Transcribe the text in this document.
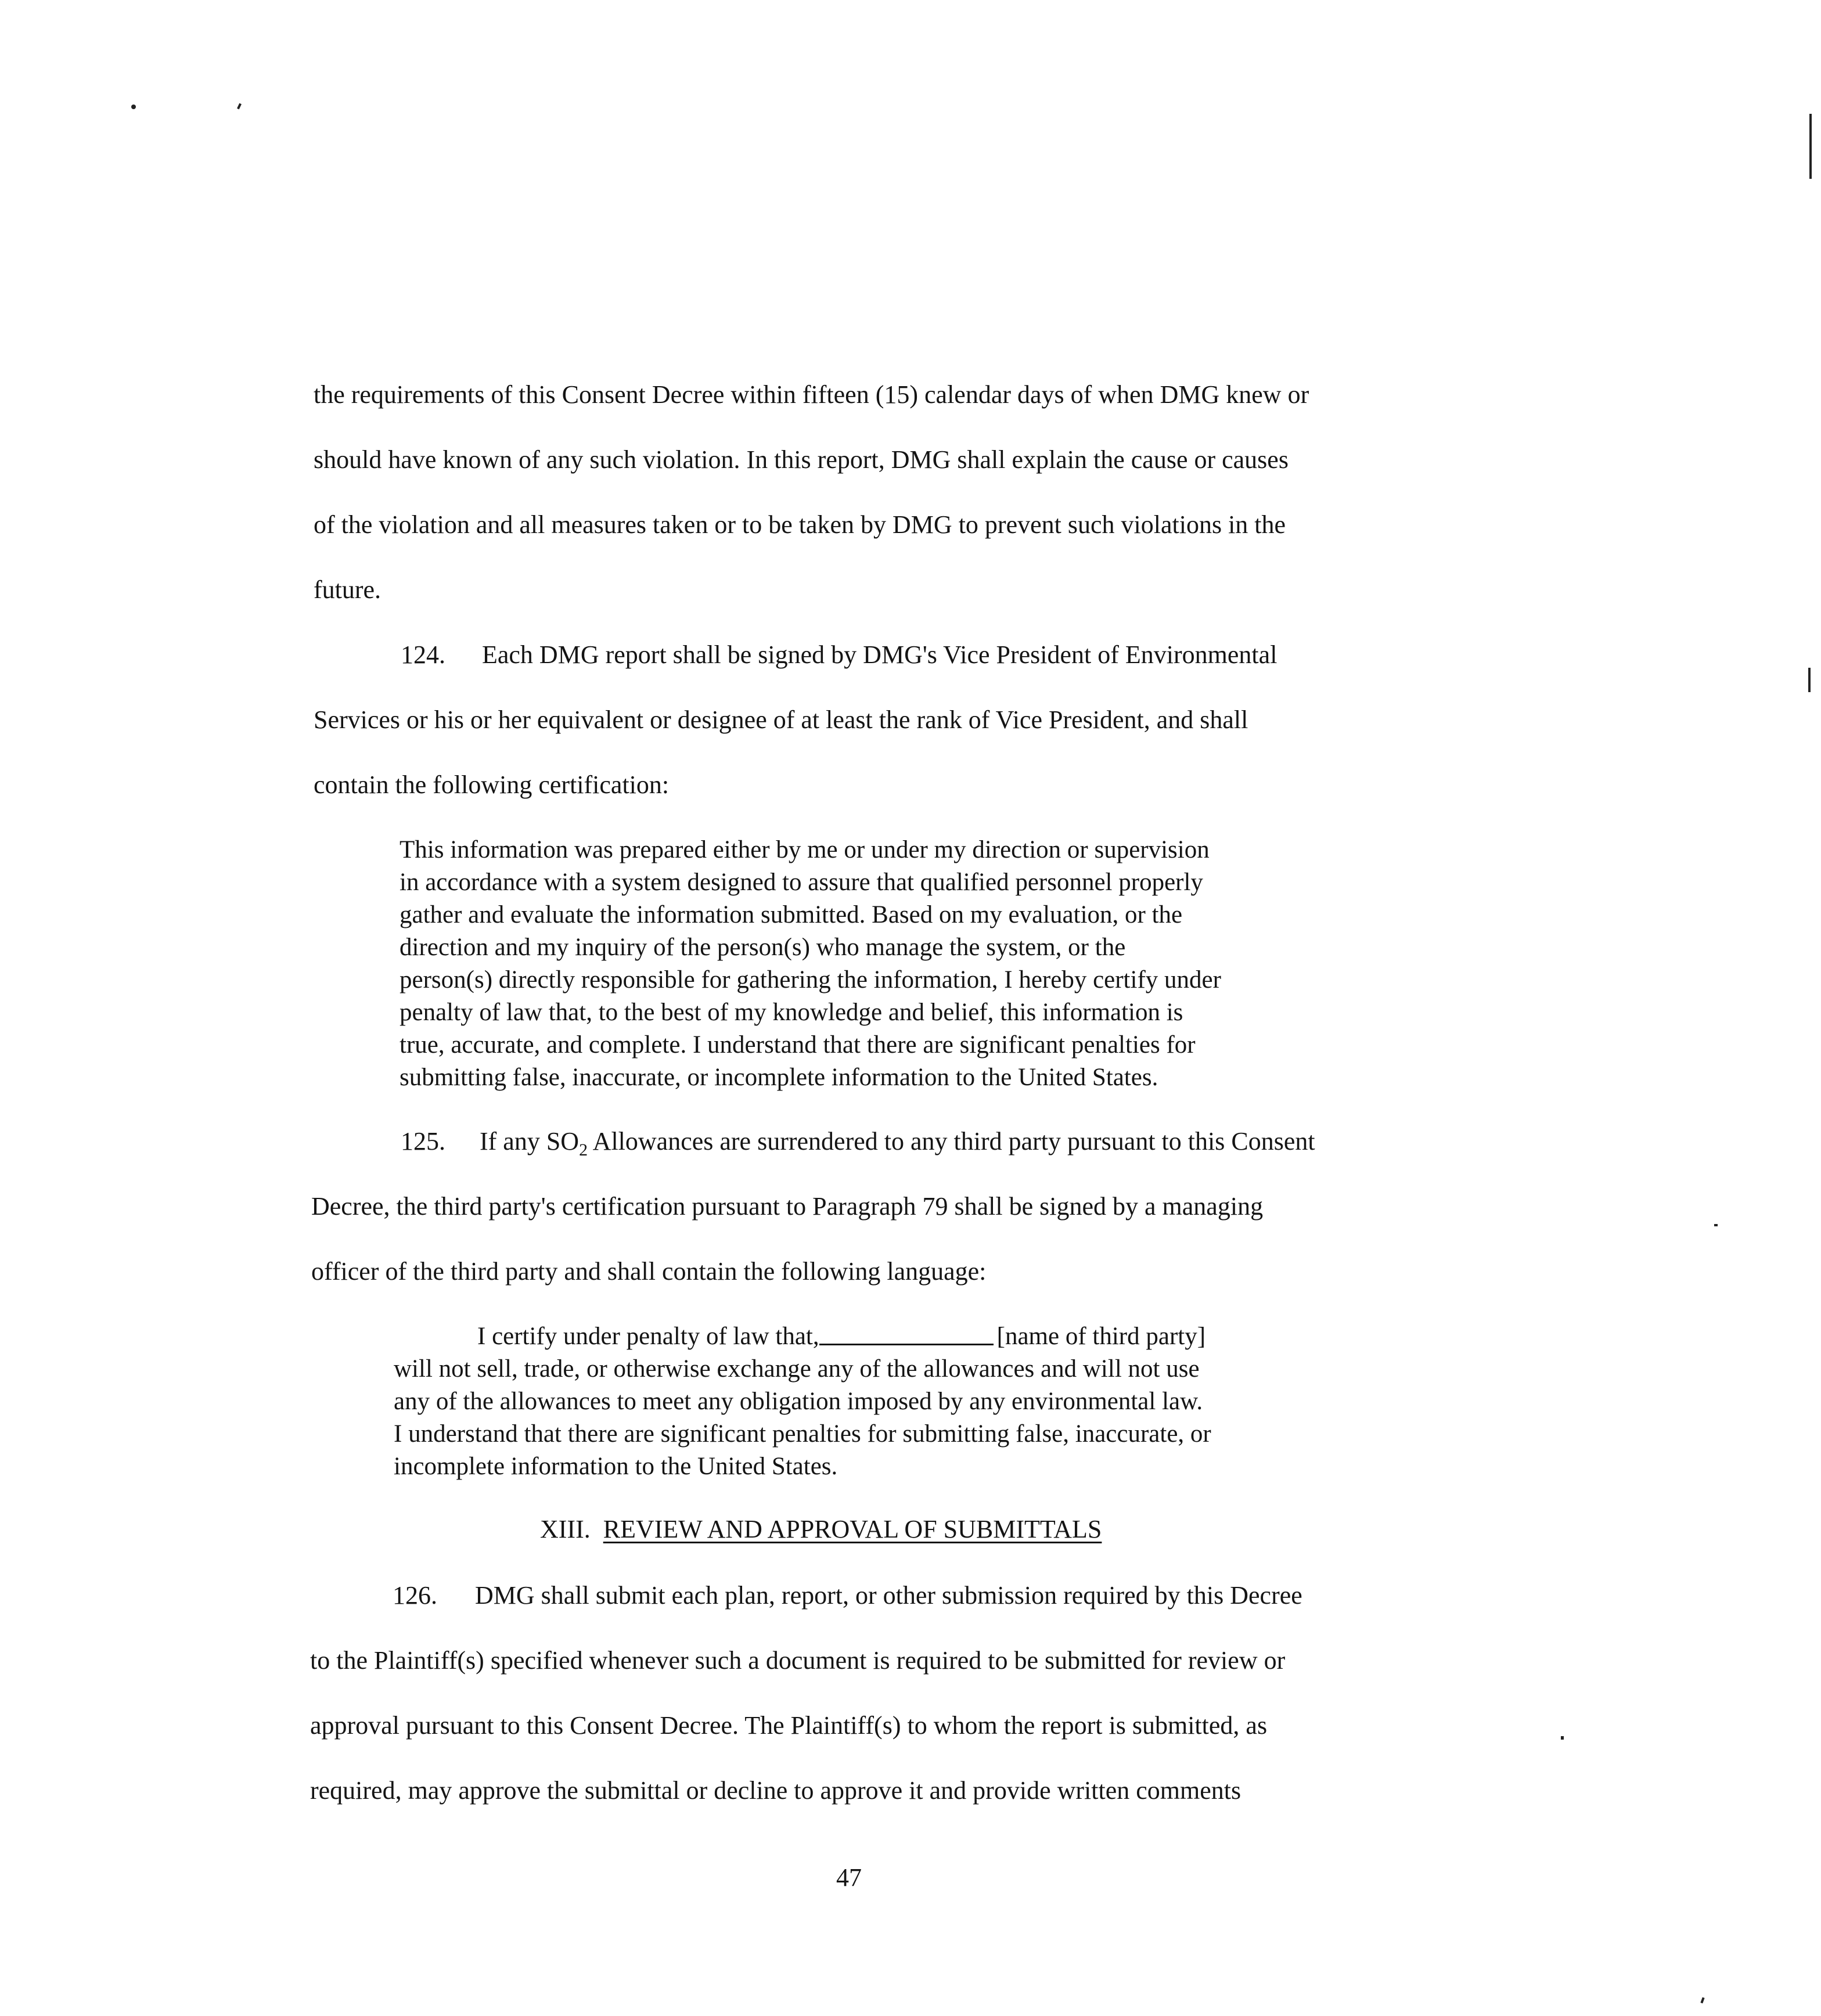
the requirements of this Consent Decree within fifteen (15) calendar days of when DMG knew or
should have known of any such violation. In this report, DMG shall explain the cause or causes
of the violation and all measures taken or to be taken by DMG to prevent such violations in the
future.
124. Each DMG report shall be signed by DMG's Vice President of Environmental
Services or his or her equivalent or designee of at least the rank of Vice President, and shall
contain the following certification:
This information was prepared either by me or under my direction or supervision
in accordance with a system designed to assure that qualified personnel properly
gather and evaluate the information submitted. Based on my evaluation, or the
direction and my inquiry of the person(s) who manage the system, or the
person(s) directly responsible for gathering the information, I hereby certify under
penalty of law that, to the best of my knowledge and belief, this information is
true, accurate, and complete. I understand that there are significant penalties for
submitting false, inaccurate, or incomplete information to the United States.
125. If any $SO_2$ Allowances are surrendered to any third party pursuant to this Consent
Decree, the third party's certification pursuant to Paragraph 79 shall be signed by a managing
officer of the third party and shall contain the following language:
I certify under penalty of law that,	[name of third party]
will not sell, trade, or otherwise exchange any of the allowances and will not use
any of the allowances to meet any obligation imposed by any environmental law.
I understand that there are significant penalties for submitting false, inaccurate, or
incomplete information to the United States.
XIII. REVIEW AND APPROVAL OF SUBMITTALS
126. DMG shall submit each plan, report, or other submission required by this Decree
to the Plaintiff(s) specified whenever such a document is required to be submitted for review or
approval pursuant to this Consent Decree. The Plaintiff(s) to whom the report is submitted, as
required, may approve the submittal or decline to approve it and provide written comments
47
